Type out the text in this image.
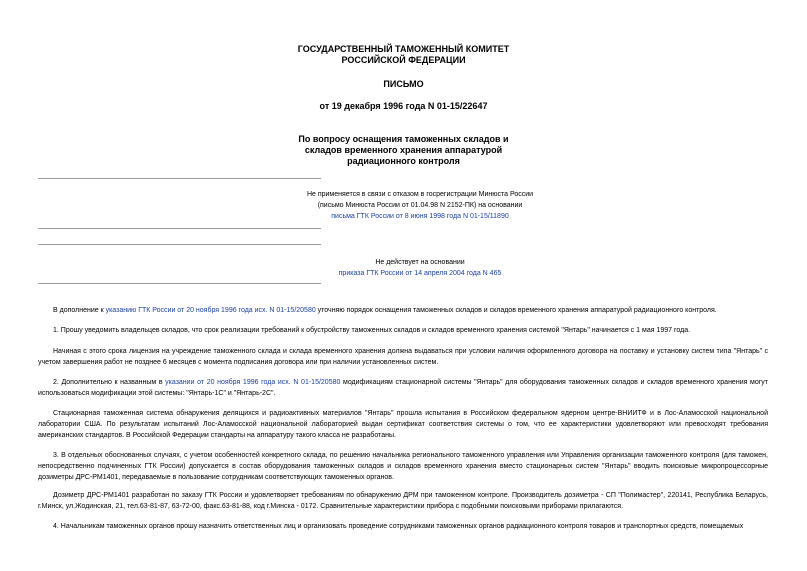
ГОСУДАРСТВЕННЫЙ ТАМОЖЕННЫЙ КОМИТЕТ
РОССИЙСКОЙ ФЕДЕРАЦИИ
ПИСЬМО
от 19 декабря 1996 года N 01-15/22647
По вопросу оснащения таможенных складов и
складов временного хранения аппаратурой
радиационного контроля
Не применяется в связи с отказом в госрегистрации Минюста России
(письмо Минюста России от 01.04.98 N 2152-ПК) на основании
письма ГТК России от 8 июня 1998 года N 01-15/11890
Не действует на основании
приказа ГТК России от 14 апреля 2004 года N 465

В дополнение к указанию ГТК России от 20 ноября 1996 года исх. N 01-15/20580 уточняю порядок оснащения таможенных складов и складов временного хранения аппаратурой радиационного контроля.

1. Прошу уведомить владельцев складов, что срок реализации требований к обустройству таможенных складов и складов временного хранения системой "Янтарь" начинается с 1 мая 1997 года.

Начиная с этого срока лицензия на учреждение таможенного склада и склада временного хранения должна выдаваться при условии наличия оформленного договора на поставку и установку систем типа "Янтарь" с учетом завершения работ не позднее 6 месяцев с момента подписания договора или при наличии установленных систем.

2. Дополнительно к названным в указании от 20 ноября 1996 года исх. N 01-15/20580 модификациям стационарной системы "Янтарь" для оборудования таможенных складов и складов временного хранения могут использоваться модификации этой системы: "Янтарь-1С" и "Янтарь-2С".

Стационарная таможенная система обнаружения делящихся и радиоактивных материалов "Янтарь" прошла испытания в Российском федеральном ядерном центре-ВНИИТФ и в Лос-Аламосской национальной лаборатории США. По результатам испытаний Лос-Аламосской национальной лабораторией выдан сертификат соответствия системы о том, что ее характеристики удовлетворяют или превосходят требования американских стандартов. В Российской Федерации стандарты на аппаратуру такого класса не разработаны.

3. В отдельных обоснованных случаях, с учетом особенностей конкретного склада, по решению начальника регионального таможенного управления или Управления организации таможенного контроля (для таможен, непосредственно подчиненных ГТК России) допускается в состав оборудования таможенных складов и складов временного хранения вместо стационарных систем "Янтарь" вводить поисковые микропроцессорные дозиметры ДРС-РМ1401, передаваемые в пользование сотрудникам соответствующих таможенных органов.

Дозиметр ДРС-РМ1401 разработан по заказу ГТК России и удовлетворяет требованиям по обнаружению ДРМ при таможенном контроле. Производитель дозиметра - СП "Полимастер", 220141, Республика Беларусь, г.Минск, ул.Жодинская, 21, тел.63-81-87, 63-72-00, факс.63-81-88, код г.Минска - 0172. Сравнительные характеристики прибора с подобными поисковыми приборами прилагаются.

4. Начальникам таможенных органов прошу назначить ответственных лиц и организовать проведение сотрудниками таможенных органов радиационного контроля товаров и транспортных средств, помещаемых
